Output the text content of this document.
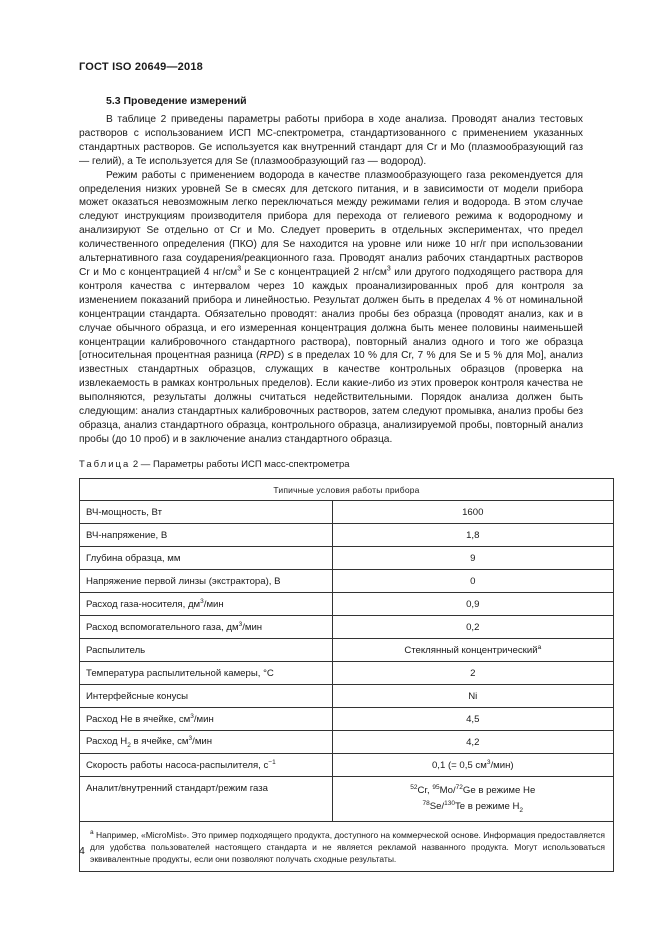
ГОСТ ISO 20649—2018
5.3 Проведение измерений

В таблице 2 приведены параметры работы прибора в ходе анализа. Проводят анализ тестовых растворов с использованием ИСП МС-спектрометра, стандартизованного с применением указанных стандартных растворов. Ge используется как внутренний стандарт для Cr и Mo (плазмообразующий газ — гелий), а Te используется для Se (плазмообразующий газ — водород).

Режим работы с применением водорода в качестве плазмообразующего газа рекомендуется для определения низких уровней Se в смесях для детского питания, и в зависимости от модели прибора может оказаться невозможным легко переключаться между режимами гелия и водорода. В этом случае следуют инструкциям производителя прибора для перехода от гелиевого режима к водородному и анализируют Se отдельно от Cr и Mo. Следует проверить в отдельных экспериментах, что предел количественного определения (ПКО) для Se находится на уровне или ниже 10 нг/г при использовании альтернативного газа соударения/реакционного газа. Проводят анализ рабочих стандартных растворов Cr и Mo с концентрацией 4 $нг/см^3$ и Se с концентрацией 2 $нг/см^3$ или другого подходящего раствора для контроля качества с интервалом через 10 каждых проанализированных проб для контроля за изменением показаний прибора и линейностью. Результат должен быть в пределах 4 % от номинальной концентрации стандарта. Обязательно проводят: анализ пробы без образца (проводят анализ, как и в случае обычного образца, и его измеренная концентрация должна быть менее половины наименьшей концентрации калибровочного стандартного раствора), повторный анализ одного и того же образца [относительная процентная разница (RPD) ≤ в пределах 10 % для Cr, 7 % для Se и 5 % для Mo], анализ известных стандартных образцов, служащих в качестве контрольных образцов (проверка на извлекаемость в рамках контрольных пределов). Если какие-либо из этих проверок контроля качества не выполняются, результаты должны считаться недействительными. Порядок анализа должен быть следующим: анализ стандартных калибровочных растворов, затем следуют промывка, анализ пробы без образца, анализ стандартного образца, контрольного образца, анализируемой пробы, повторный анализ пробы (до 10 проб) и в заключение анализ стандартного образца.

Таблица 2 — Параметры работы ИСП масс-спектрометра
Типичные условия работы прибора	
ВЧ-мощность, Вт	1600
ВЧ-напряжение, В	1,8
Глубина образца, мм	9
Напряжение первой линзы (экстрактора), В	0
Расход газа-носителя, $дм^3$/мин	0,9
Расход вспомогательного газа, $дм^3$/мин	0,2
Распылитель	Стеклянный концентрический$^a$
Температура распылительной камеры, °С	2
Интерфейсные конусы	Ni
Расход Не в ячейке, $см^3$/мин	4,5
Расход $Н_2$ в ячейке, $см^3$/мин	4,2
Скорость работы насоса-распылителя, $с^{-1}$	0,1 (= 0,5 $см^3/мин$)
Аналит/внутренний стандарт/режим газа	$^{52}$Cr, $^{95}$Mo/$^{72}$Ge в режиме He
$^{78}$Se/$^{130}$Te в режиме $H_2$

$^a$ Например, «MicroMist». Это пример подходящего продукта, доступного на коммерческой основе. Информация предоставляется для удобства пользователей настоящего стандарта и не является рекламой названного продукта. Могут использоваться эквивалентные продукты, если они позволяют получать сходные результаты.	
4
